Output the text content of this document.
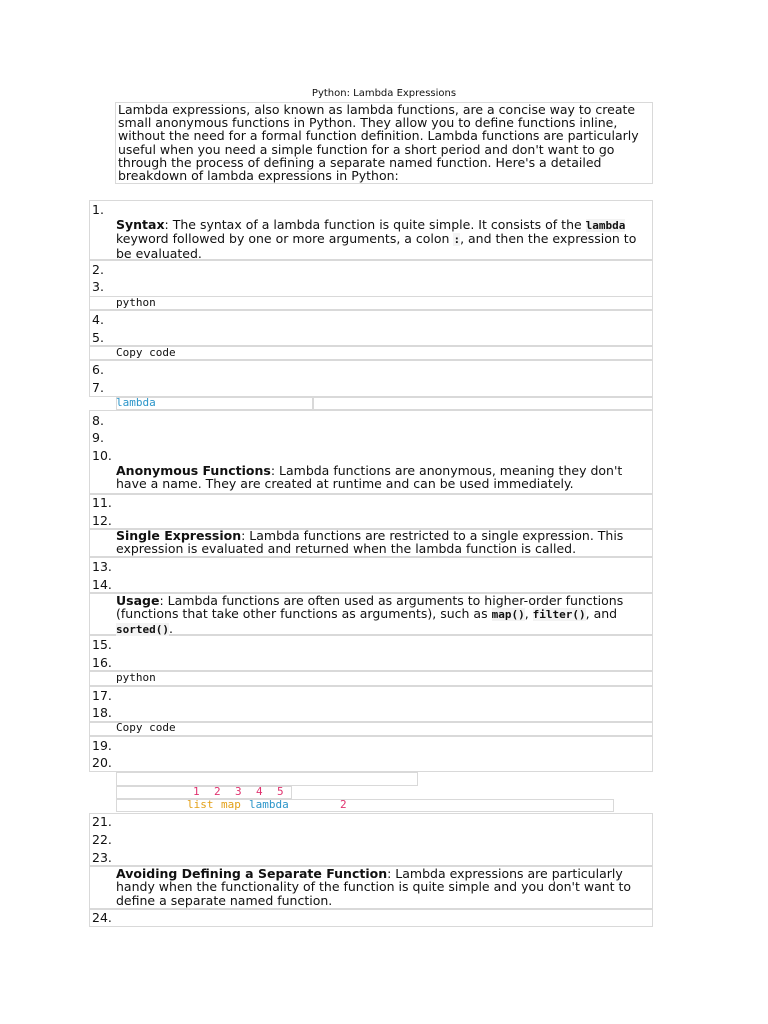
Python: Lambda Expressions
Lambda expressions, also known as lambda functions, are a concise way to create small anonymous functions in Python. They allow you to define functions inline, without the need for a formal function definition. Lambda functions are particularly useful when you need a simple function for a short period and don't want to go through the process of defining a separate named function. Here's a detailed breakdown of lambda expressions in Python:
1.
2.
3.
4.
5.
6.
7.
8.
9.
10.
11.
12.
13.
14.
15.
16.
17.
18.
19.
20.
21.
22.
23.
24.
Syntax: The syntax of a lambda function is quite simple. It consists of the lambda keyword followed by one or more arguments, a colon :, and then the expression to be evaluated.
python
Copy code
lambda
Anonymous Functions: Lambda functions are anonymous, meaning they don't have a name. They are created at runtime and can be used immediately.
Single Expression: Lambda functions are restricted to a single expression. This expression is evaluated and returned when the lambda function is called.
Usage: Lambda functions are often used as arguments to higher-order functions (functions that take other functions as arguments), such as map(), filter(), and sorted().
python
Copy code
1 2 3 4 5
list map lambda	2
Avoiding Defining a Separate Function: Lambda expressions are particularly handy when the functionality of the function is quite simple and you don't want to define a separate named function.
